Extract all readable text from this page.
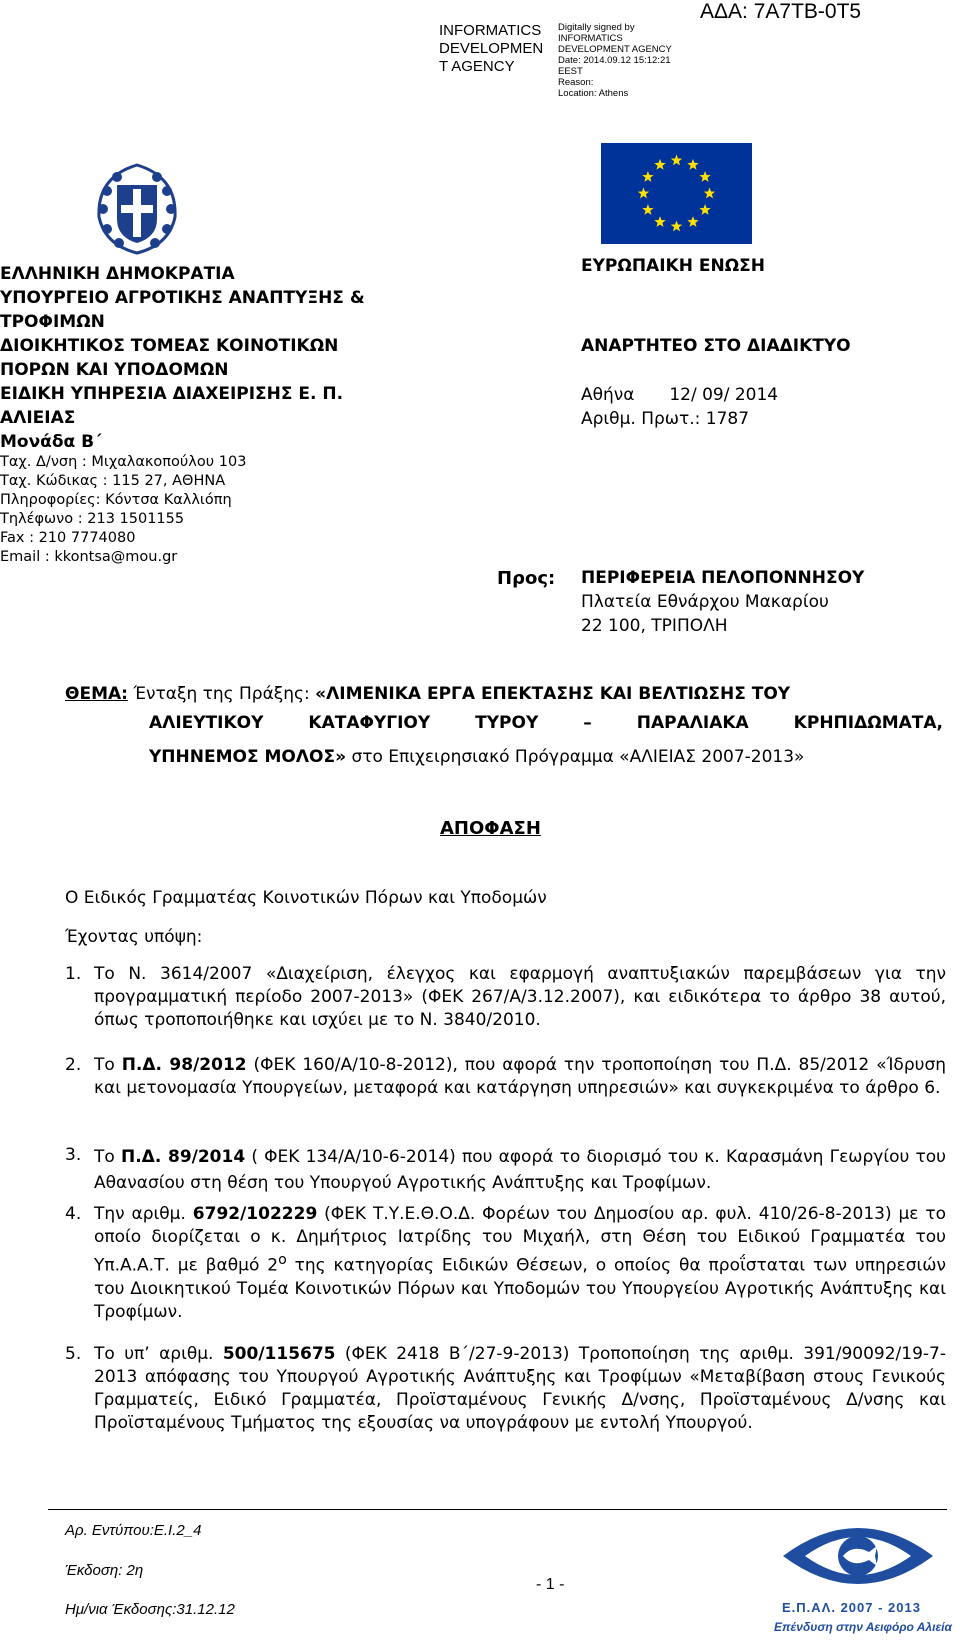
INFORMATICS
DEVELOPMEN
T AGENCY
Digitally signed by
INFORMATICS
DEVELOPMENT AGENCY
Date: 2014.09.12 15:12:21
EEST
Reason:
Location: Athens
ΑΔΑ: 7Α7ΤΒ-0Τ5
ΕΛΛΗΝΙΚΗ ΔΗΜΟΚΡΑΤΙΑ
ΥΠΟΥΡΓΕΙΟ ΑΓΡΟΤΙΚΗΣ ΑΝΑΠΤΥΞΗΣ &
ΤΡΟΦΙΜΩΝ
ΔΙΟΙΚΗΤΙΚΟΣ ΤΟΜΕΑΣ ΚΟΙΝΟΤΙΚΩΝ
ΠΟΡΩΝ ΚΑΙ ΥΠΟΔΟΜΩΝ
ΕΙΔΙΚΗ ΥΠΗΡΕΣΙΑ ΔΙΑΧΕΙΡΙΣΗΣ Ε. Π.
ΑΛΙΕΙΑΣ
Μονάδα Β΄
Ταχ. Δ/νση : Μιχαλακοπούλου 103
Ταχ. Κώδικας : 115 27, ΑΘΗΝΑ
Πληροφορίες: Κόντσα Καλλιόπη
Τηλέφωνο : 213 1501155
Fax : 210 7774080
Email : kkontsa@mou.gr
ΕΥΡΩΠΑΙΚΗ ΕΝΩΣΗ
ΑΝΑΡΤΗΤΕΟ ΣΤΟ ΔΙΑΔΙΚΤΥΟ
Αθήνα 12/ 09/ 2014
Αριθμ. Πρωτ.: 1787
Προς: ΠΕΡΙΦΕΡΕΙΑ ΠΕΛΟΠΟΝΝΗΣΟΥ
Πλατεία Εθνάρχου Μακαρίου
22 100, ΤΡΙΠΟΛΗ
ΘΕΜΑ: Ένταξη της Πράξης: «ΛΙΜΕΝΙΚΑ ΕΡΓΑ ΕΠΕΚΤΑΣΗΣ ΚΑΙ ΒΕΛΤΙΩΣΗΣ ΤΟΥ
ΑΛΙΕΥΤΙΚΟΥ ΚΑΤΑΦΥΓΙΟΥ ΤΥΡΟΥ – ΠΑΡΑΛΙΑΚΑ ΚΡΗΠΙΔΩΜΑΤΑ,
ΥΠΗΝΕΜΟΣ ΜΟΛΟΣ» στο Επιχειρησιακό Πρόγραμμα «ΑΛΙΕΙΑΣ 2007-2013»
ΑΠΟΦΑΣΗ
Ο Ειδικός Γραμματέας Κοινοτικών Πόρων και Υποδομών
Έχοντας υπόψη:
1. Το Ν. 3614/2007 «Διαχείριση, έλεγχος και εφαρμογή αναπτυξιακών παρεμβάσεων για την προγραμματική περίοδο 2007-2013» (ΦΕΚ 267/Α/3.12.2007), και ειδικότερα το άρθρο 38 αυτού, όπως τροποποιήθηκε και ισχύει με το Ν. 3840/2010.
2. Το Π.Δ. 98/2012 (ΦΕΚ 160/Α/10-8-2012), που αφορά την τροποποίηση του Π.Δ. 85/2012 «Ίδρυση και μετονομασία Υπουργείων, μεταφορά και κατάργηση υπηρεσιών» και συγκεκριμένα το άρθρο 6.
3. Το Π.Δ. 89/2014 ( ΦΕΚ 134/Α/10-6-2014) που αφορά το διορισμό του κ. Καρασμάνη Γεωργίου του Αθανασίου στη θέση του Υπουργού Αγροτικής Ανάπτυξης και Τροφίμων.
4. Την αριθμ. 6792/102229 (ΦΕΚ Τ.Υ.Ε.Θ.Ο.Δ. Φορέων του Δημοσίου αρ. φυλ. 410/26-8-2013) με το οποίο διορίζεται ο κ. Δημήτριος Ιατρίδης του Μιχαήλ, στη Θέση του Ειδικού Γραμματέα του Υπ.Α.Α.Τ. με βαθμό $2^o$ της κατηγορίας Ειδικών Θέσεων, ο οποίος θα προΐσταται των υπηρεσιών του Διοικητικού Τομέα Κοινοτικών Πόρων και Υποδομών του Υπουργείου Αγροτικής Ανάπτυξης και Τροφίμων.
5. Το υπ’ αριθμ. 500/115675 (ΦΕΚ 2418 Β΄/27-9-2013) Τροποποίηση της αριθμ. 391/90092/19-7-2013 απόφασης του Υπουργού Αγροτικής Ανάπτυξης και Τροφίμων «Μεταβίβαση στους Γενικούς Γραμματείς, Ειδικό Γραμματέα, Προϊσταμένους Γενικής Δ/νσης, Προϊσταμένους Δ/νσης και Προϊσταμένους Τμήματος της εξουσίας να υπογράφουν με εντολή Υπουργού.
Αρ. Εντύπου:Ε.Ι.2_4
Έκδοση: 2η
Ημ/νια Έκδοσης:31.12.12
- 1 -
Ε.Π.ΑΛ. 2007 - 2013
Επένδυση στην Αειφόρο Αλιεία
